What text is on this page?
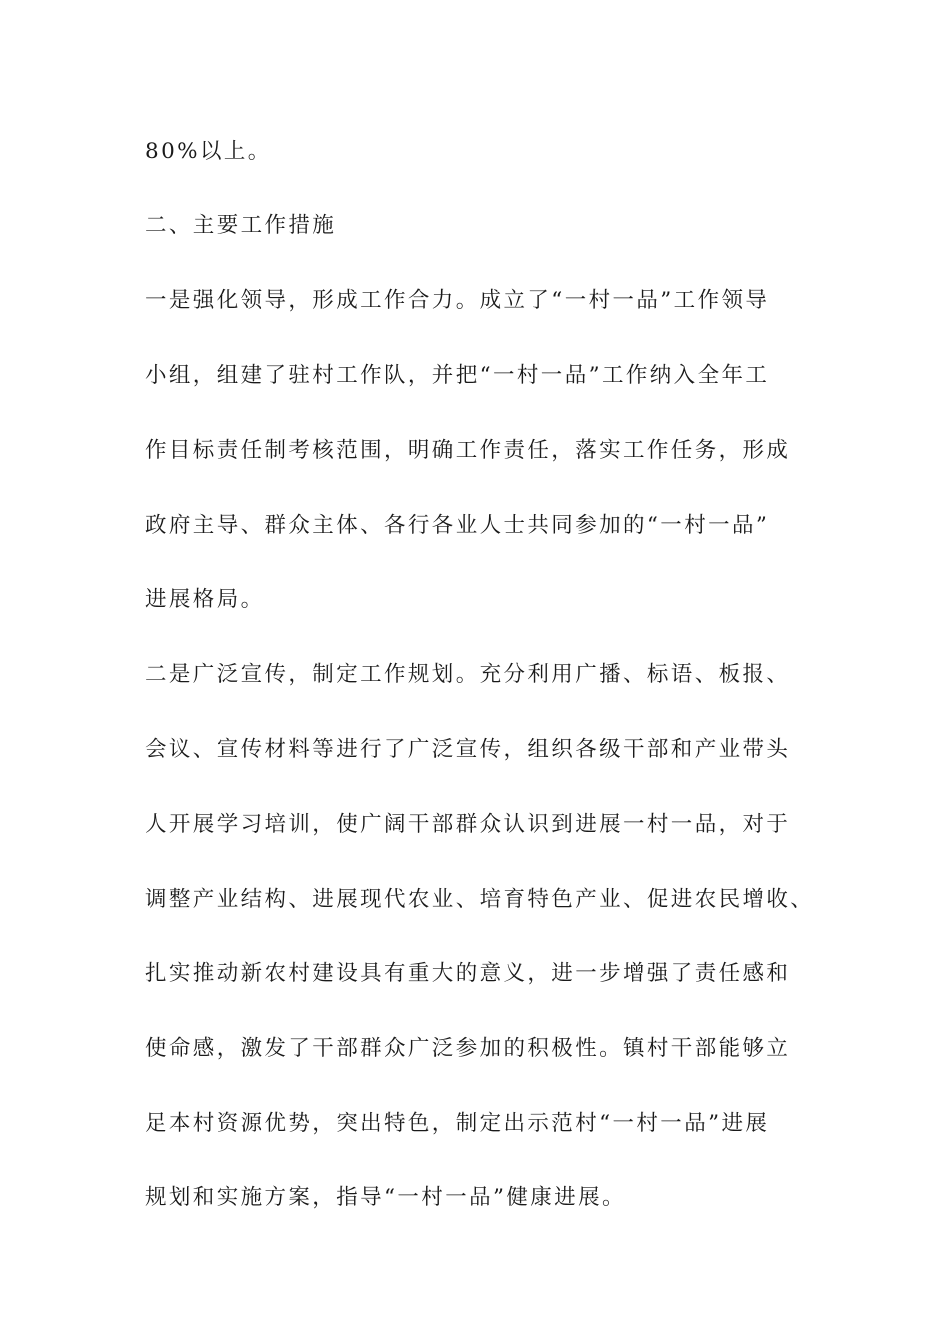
80%以上。

二、主要工作措施

一是强化领导，形成工作合力。成立了“一村一品”工作领导

小组，组建了驻村工作队，并把“一村一品”工作纳入全年工

作目标责任制考核范围，明确工作责任，落实工作任务，形成

政府主导、群众主体、各行各业人士共同参加的“一村一品”

进展格局。

二是广泛宣传，制定工作规划。充分利用广播、标语、板报、

会议、宣传材料等进行了广泛宣传，组织各级干部和产业带头

人开展学习培训，使广阔干部群众认识到进展一村一品，对于

调整产业结构、进展现代农业、培育特色产业、促进农民增收、

扎实推动新农村建设具有重大的意义，进一步增强了责任感和

使命感，激发了干部群众广泛参加的积极性。镇村干部能够立

足本村资源优势，突出特色，制定出示范村“一村一品”进展

规划和实施方案，指导“一村一品”健康进展。
